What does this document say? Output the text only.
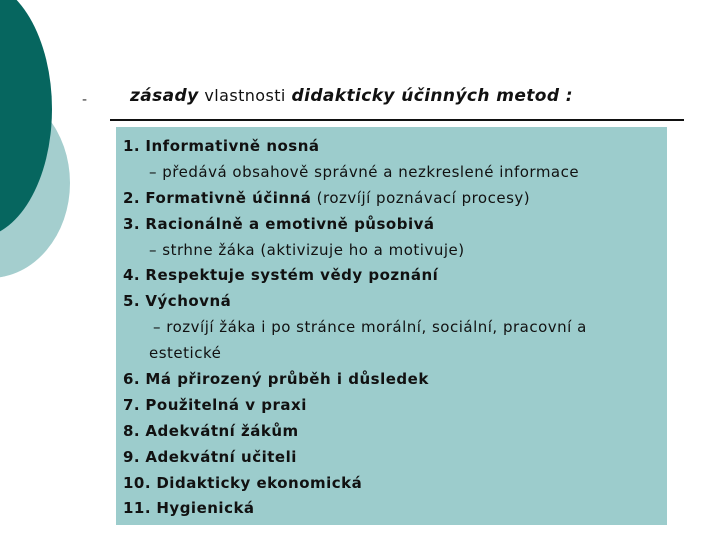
-	zásady vlastnosti didakticky účinných metod :
1. Informativně nosná
– předává obsahově správné a nezkreslené informace
2. Formativně účinná (rozvíjí poznávací procesy)
3. Racionálně a emotivně působivá
– strhne žáka (aktivizuje ho a motivuje)
4. Respektuje systém vědy poznání
5. Výchovná
– rozvíjí žáka i po stránce morální, sociální, pracovní a
estetické
6. Má přirozený průběh i důsledek
7. Použitelná v praxi
8. Adekvátní žákům
9. Adekvátní učiteli
10. Didakticky ekonomická
11. Hygienická
